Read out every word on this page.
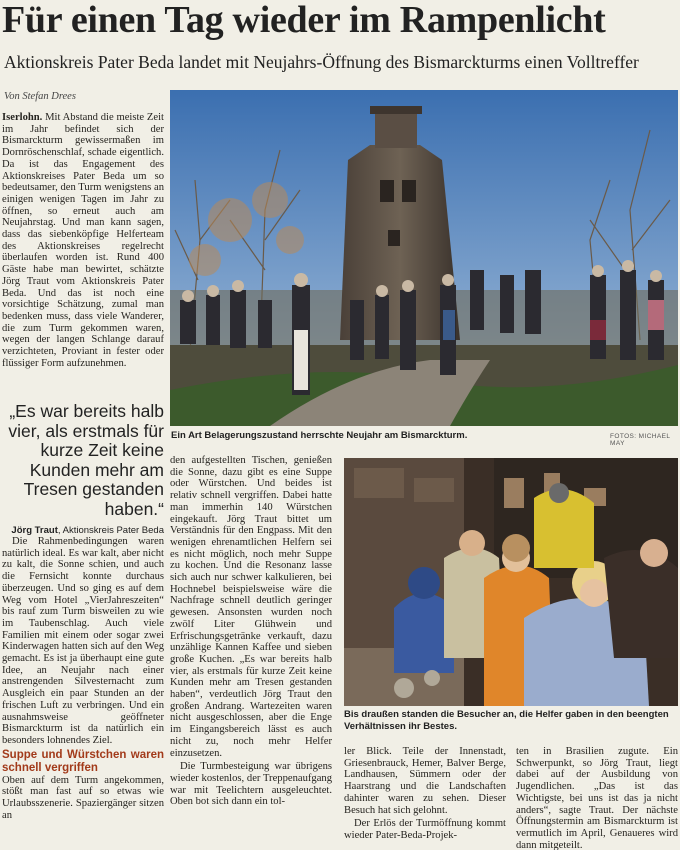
Für einen Tag wieder im Rampenlicht
Aktionskreis Pater Beda landet mit Neujahrs-Öffnung des Bismarckturms einen Volltreffer
Von Stefan Drees

Iserlohn. Mit Abstand die meiste Zeit im Jahr befindet sich der Bismarckturm gewissermaßen im Dornröschenschlaf, schade eigentlich. Da ist das Engagement des Aktionskreises Pater Beda um so bedeutsamer, den Turm wenigstens an einigen wenigen Tagen im Jahr zu öffnen, so erneut auch am Neujahrstag. Und man kann sagen, dass das siebenköpfige Helferteam des Aktionskreises regelrecht überlaufen worden ist. Rund 400 Gäste habe man bewirtet, schätzte Jörg Traut vom Aktionskreis Pater Beda. Und das ist noch eine vorsichtige Schätzung, zumal man bedenken muss, dass viele Wanderer, die zum Turm gekommen waren, wegen der langen Schlange darauf verzichteten, Proviant in fester oder flüssiger Form aufzunehmen.

„Es war bereits halb vier, als erstmals für kurze Zeit keine Kunden mehr am Tresen gestanden haben.“

Jörg Traut, Aktionskreis Pater Beda

Die Rahmenbedingungen waren natürlich ideal. Es war kalt, aber nicht zu kalt, die Sonne schien, und auch die Fernsicht konnte durchaus überzeugen. Und so ging es auf dem Weg vom Hotel „VierJahreszeiten“ bis rauf zum Turm bisweilen zu wie im Taubenschlag. Auch viele Familien mit einem oder sogar zwei Kinderwagen hatten sich auf den Weg gemacht. Es ist ja überhaupt eine gute Idee, an Neujahr nach einer anstrengenden Silvesternacht zum Ausgleich ein paar Stunden an der frischen Luft zu verbringen. Und ein ausnahmsweise geöffneter Bismarckturm ist da natürlich ein besonders lohnendes Ziel.

Suppe und Würstchen waren schnell vergriffen

Oben auf dem Turm angekommen, stößt man fast auf so etwas wie Urlaubsszenerie. Spaziergänger sitzen an

Ein Art Belagerungszustand herrschte Neujahr am Bismarckturm.	FOTOS: MICHAEL MAY

den aufgestellten Tischen, genießen die Sonne, dazu gibt es eine Suppe oder Würstchen. Und beides ist relativ schnell vergriffen. Dabei hatte man immerhin 140 Würstchen eingekauft. Jörg Traut bittet um Verständnis für den Engpass. Mit den wenigen ehrenamtlichen Helfern sei es nicht möglich, noch mehr Suppe zu kochen. Und die Resonanz lasse sich auch nur schwer kalkulieren, bei Hochnebel beispielsweise wäre die Nachfrage schnell deutlich geringer gewesen. Ansonsten wurden noch zwölf Liter Glühwein und Erfrischungsgetränke verkauft, dazu unzählige Kannen Kaffee und sieben große Kuchen. „Es war bereits halb vier, als erstmals für kurze Zeit keine Kunden mehr am Tresen gestanden haben“, verdeutlich Jörg Traut den großen Andrang. Wartezeiten waren nicht ausgeschlossen, aber die Enge im Eingangsbereich lässt es auch nicht zu, noch mehr Helfer einzusetzen.

Die Turmbesteigung war übrigens wieder kostenlos, der Treppenaufgang war mit Teelichtern ausgeleuchtet. Oben bot sich dann ein tol-

Bis draußen standen die Besucher an, die Helfer gaben in den beengten Verhältnissen ihr Bestes.

ler Blick. Teile der Innenstadt, Griesenbrauck, Hemer, Balver Berge, Landhausen, Sümmern oder der Haarstrang und die Landschaften dahinter waren zu sehen. Dieser Besuch hat sich gelohnt.

Der Erlös der Turmöffnung kommt wieder Pater-Beda-Projek-

ten in Brasilien zugute. Ein Schwerpunkt, so Jörg Traut, liegt dabei auf der Ausbildung von Jugendlichen. „Das ist das Wichtigste, bei uns ist das ja nicht anders“, sagte Traut. Der nächste Öffnungstermin am Bismarckturm ist vermutlich im April, Genaueres wird dann mitgeteilt.
